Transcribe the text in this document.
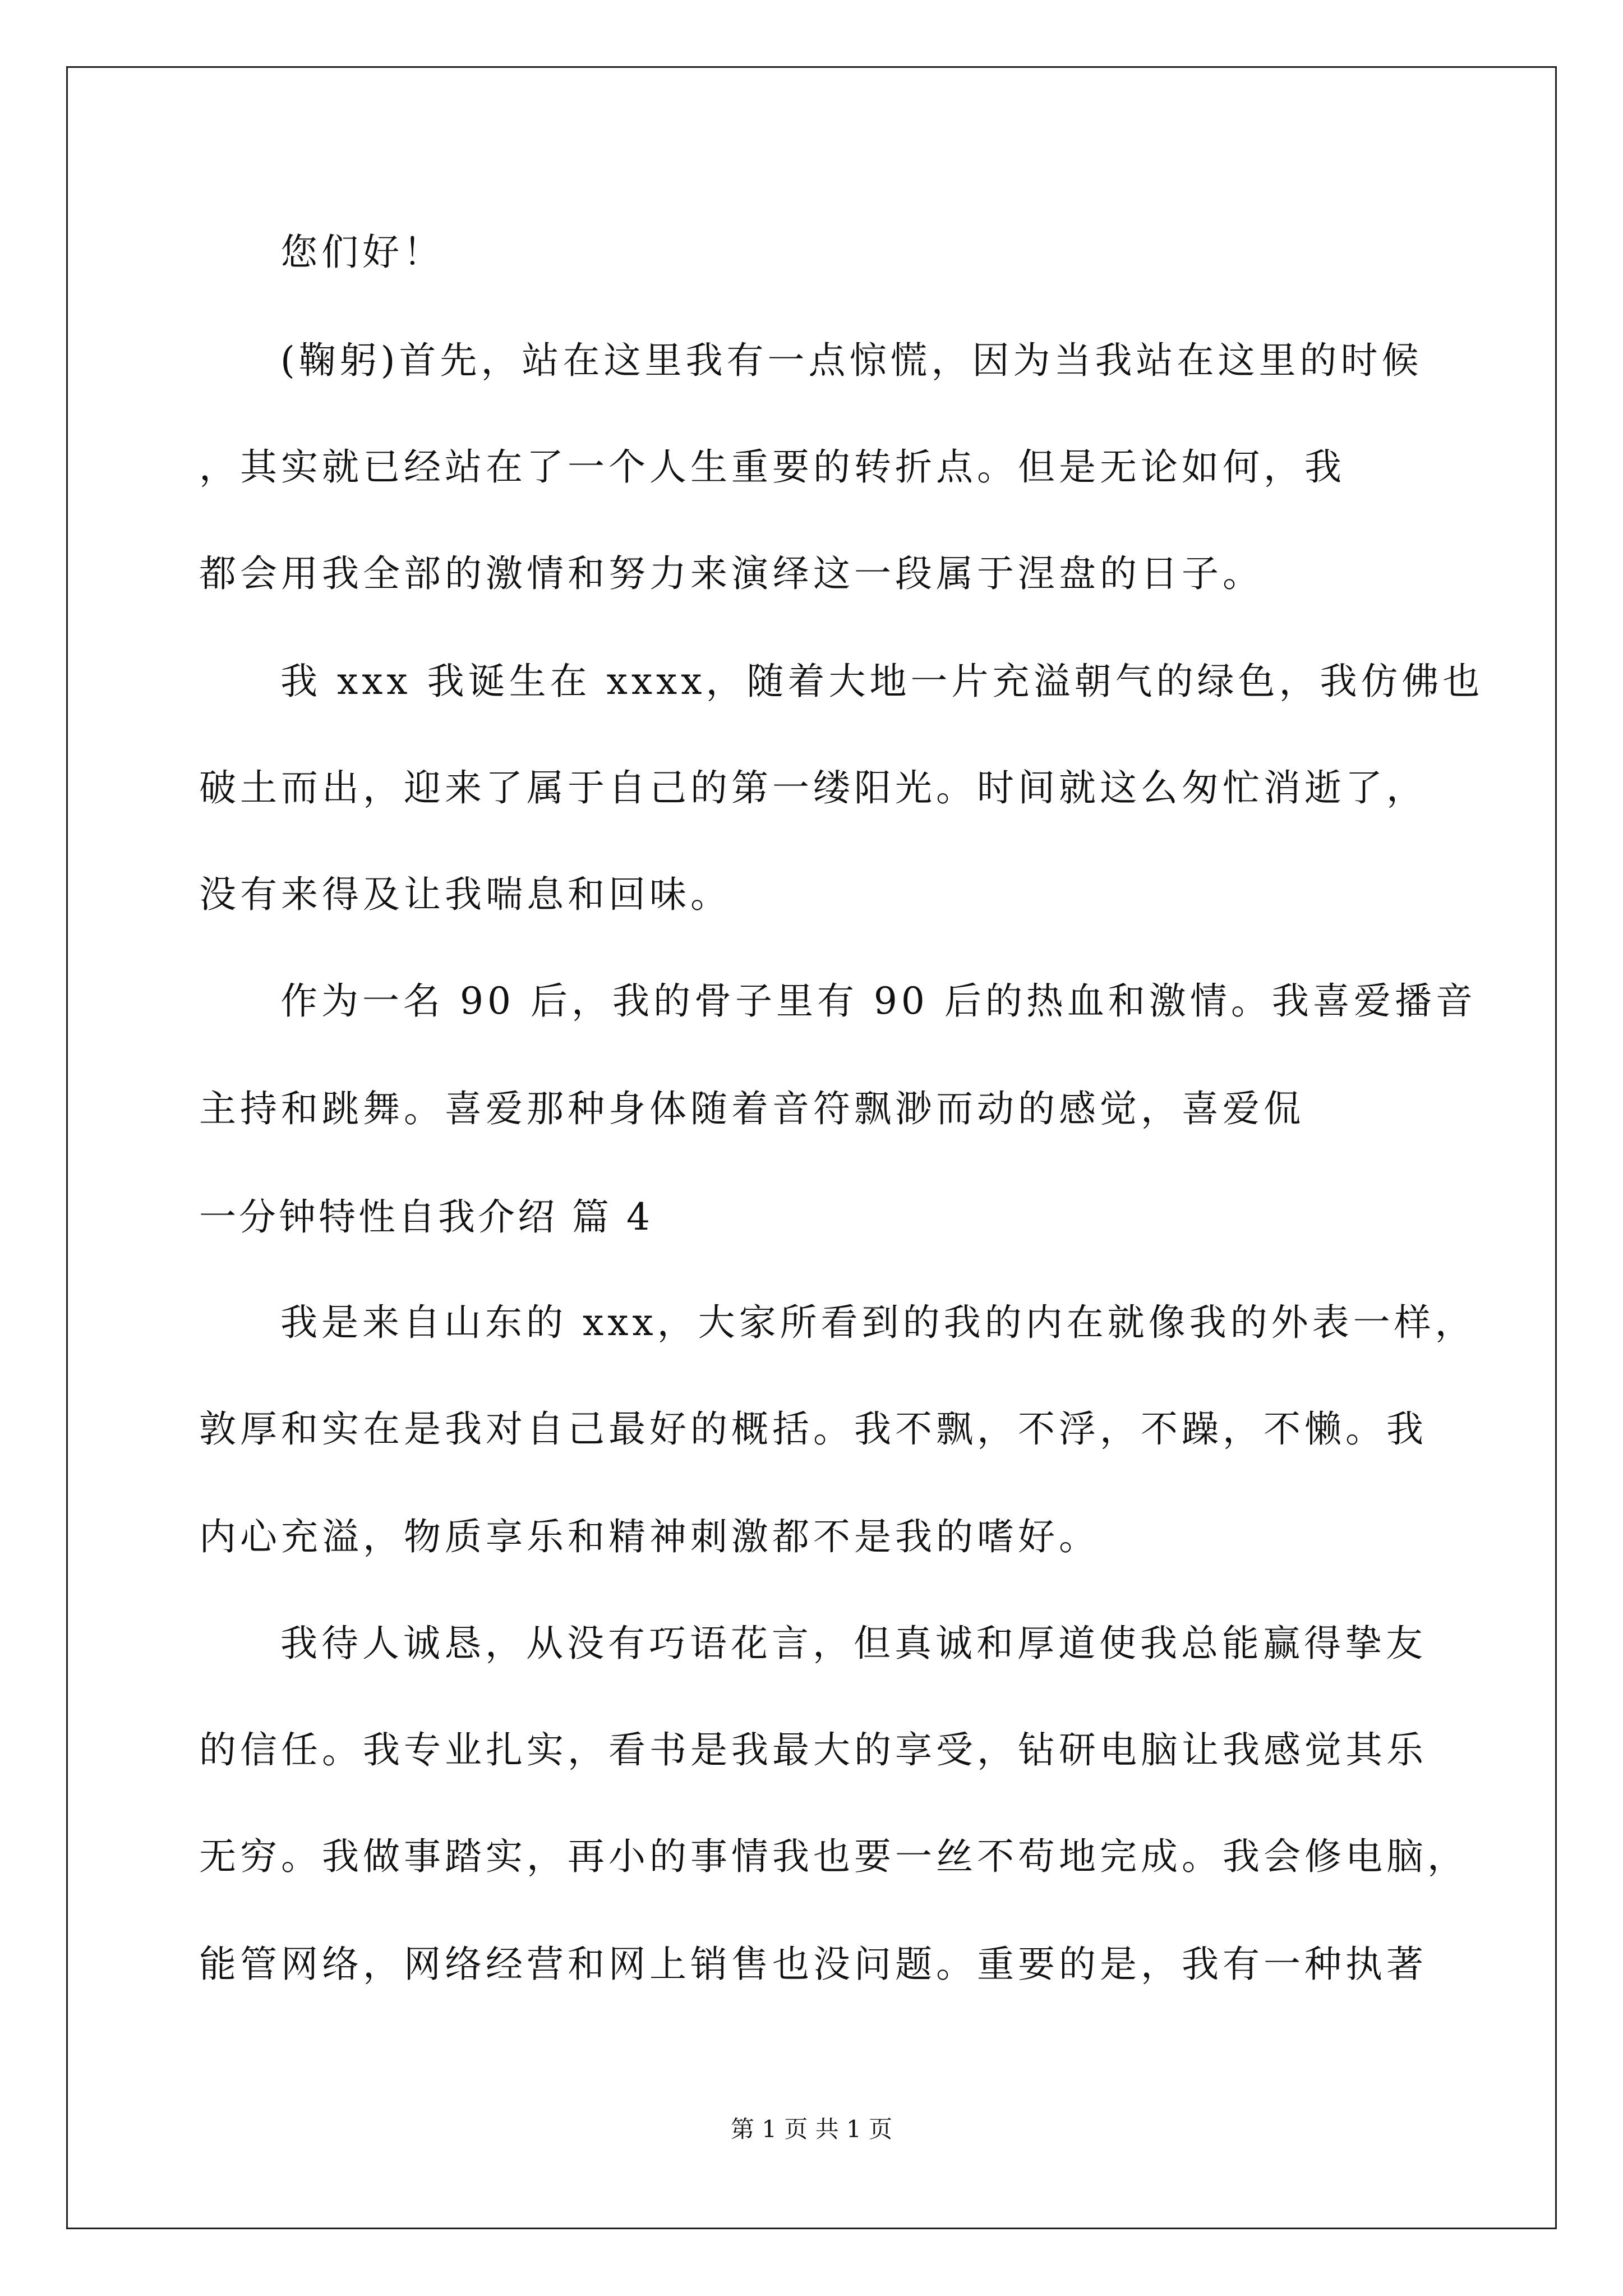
您们好！
(鞠躬)首先，站在这里我有一点惊慌，因为当我站在这里的时候
，其实就已经站在了一个人生重要的转折点。但是无论如何，我
都会用我全部的激情和努力来演绎这一段属于涅盘的日子。
我 xxx 我诞生在 xxxx，随着大地一片充溢朝气的绿色，我仿佛也
破土而出，迎来了属于自己的第一缕阳光。时间就这么匆忙消逝了，
没有来得及让我喘息和回味。
作为一名 90 后，我的骨子里有 90 后的热血和激情。我喜爱播音
主持和跳舞。喜爱那种身体随着音符飘渺而动的感觉，喜爱侃
一分钟特性自我介绍 篇 4
我是来自山东的 xxx，大家所看到的我的内在就像我的外表一样，
敦厚和实在是我对自己最好的概括。我不飘，不浮，不躁，不懒。我
内心充溢，物质享乐和精神刺激都不是我的嗜好。
我待人诚恳，从没有巧语花言，但真诚和厚道使我总能赢得挚友
的信任。我专业扎实，看书是我最大的享受，钻研电脑让我感觉其乐
无穷。我做事踏实，再小的事情我也要一丝不苟地完成。我会修电脑，
能管网络，网络经营和网上销售也没问题。重要的是，我有一种执著
第 1 页 共 1 页
